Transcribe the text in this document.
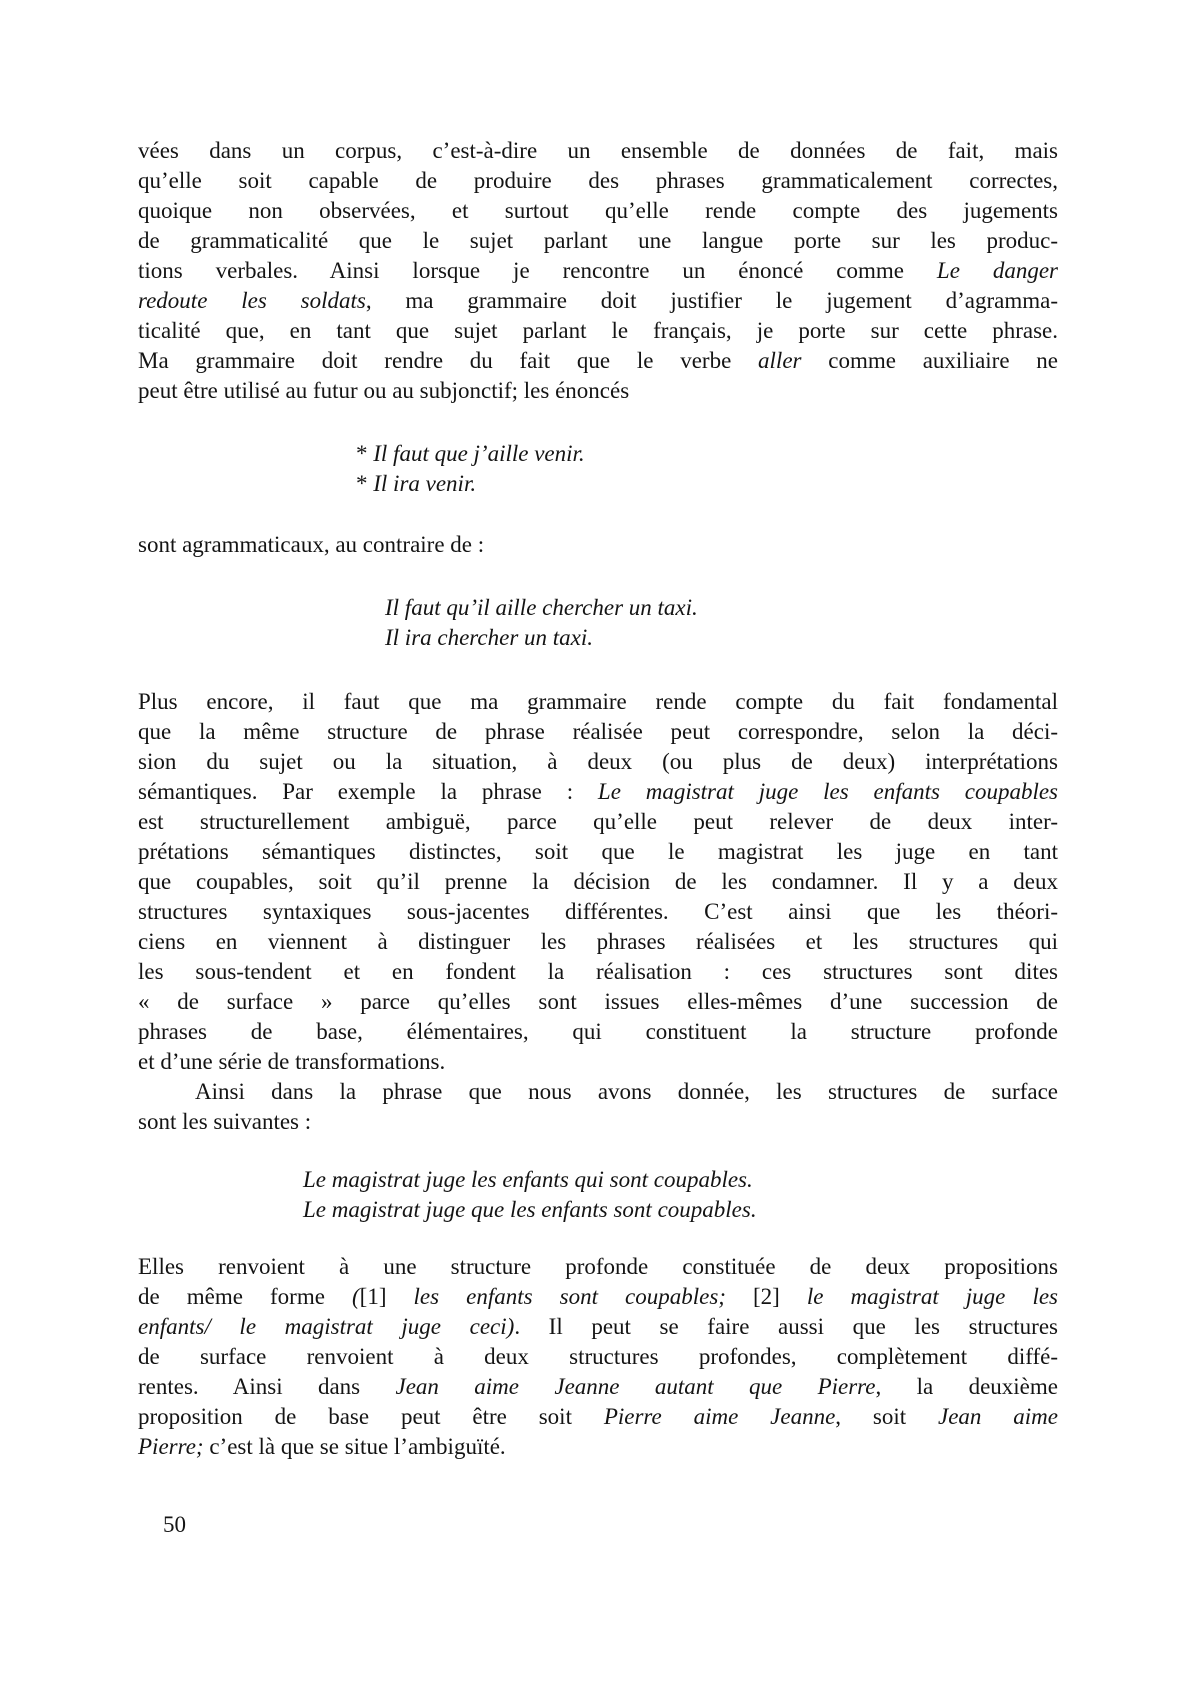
vées dans un corpus, c’est-à-dire un ensemble de données de fait, mais
qu’elle soit capable de produire des phrases grammaticalement correctes,
quoique non observées, et surtout qu’elle rende compte des jugements
de grammaticalité que le sujet parlant une langue porte sur les produc-
tions verbales. Ainsi lorsque je rencontre un énoncé comme Le danger
redoute les soldats, ma grammaire doit justifier le jugement d’agramma-
ticalité que, en tant que sujet parlant le français, je porte sur cette phrase.
Ma grammaire doit rendre du fait que le verbe aller comme auxiliaire ne
peut être utilisé au futur ou au subjonctif; les énoncés
* Il faut que j’aille venir.
* Il ira venir.
sont agrammaticaux, au contraire de :
Il faut qu’il aille chercher un taxi.
Il ira chercher un taxi.
Plus encore, il faut que ma grammaire rende compte du fait fondamental
que la même structure de phrase réalisée peut correspondre, selon la déci-
sion du sujet ou la situation, à deux (ou plus de deux) interprétations
sémantiques. Par exemple la phrase : Le magistrat juge les enfants coupables
est structurellement ambiguë, parce qu’elle peut relever de deux inter-
prétations sémantiques distinctes, soit que le magistrat les juge en tant
que coupables, soit qu’il prenne la décision de les condamner. Il y a deux
structures syntaxiques sous-jacentes différentes. C’est ainsi que les théori-
ciens en viennent à distinguer les phrases réalisées et les structures qui
les sous-tendent et en fondent la réalisation : ces structures sont dites
« de surface » parce qu’elles sont issues elles-mêmes d’une succession de
phrases de base, élémentaires, qui constituent la structure profonde
et d’une série de transformations.
Ainsi dans la phrase que nous avons donnée, les structures de surface
sont les suivantes :
Le magistrat juge les enfants qui sont coupables.
Le magistrat juge que les enfants sont coupables.
Elles renvoient à une structure profonde constituée de deux propositions
de même forme ([1] les enfants sont coupables; [2] le magistrat juge les
enfants/ le magistrat juge ceci). Il peut se faire aussi que les structures
de surface renvoient à deux structures profondes, complètement diffé-
rentes. Ainsi dans Jean aime Jeanne autant que Pierre, la deuxième
proposition de base peut être soit Pierre aime Jeanne, soit Jean aime
Pierre; c’est là que se situe l’ambiguïté.
50
